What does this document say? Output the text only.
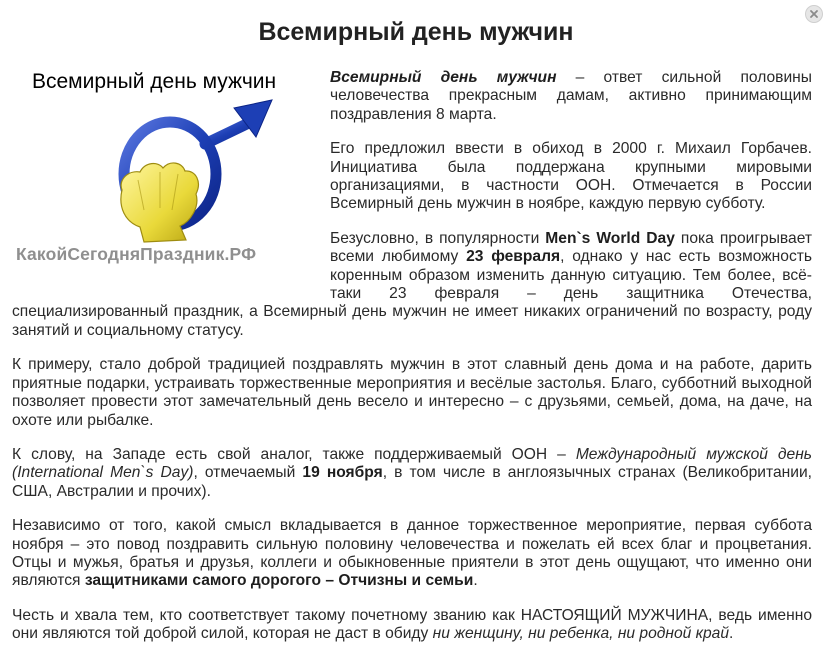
Всемирный день мужчин
Всемирный день мужчин
КакойСегодняПраздник.РФ

Всемирный день мужчин – ответ сильной половины человечества прекрасным дамам, активно принимающим поздравления 8 марта.

Его предложил ввести в обиход в 2000 г. Михаил Горбачев. Инициатива была поддержана крупными мировыми организациями, в частности ООН. Отмечается в России Всемирный день мужчин в ноябре, каждую первую субботу.

Безусловно, в популярности Men`s World Day пока проигрывает всеми любимому 23 февраля, однако у нас есть возможность коренным образом изменить данную ситуацию. Тем более, всё-таки 23 февраля – день защитника Отечества, специализированный праздник, а Всемирный день мужчин не имеет никаких ограничений по возрасту, роду занятий и социальному статусу.

К примеру, стало доброй традицией поздравлять мужчин в этот славный день дома и на работе, дарить приятные подарки, устраивать торжественные мероприятия и весёлые застолья. Благо, субботний выходной позволяет провести этот замечательный день весело и интересно – с друзьями, семьей, дома, на даче, на охоте или рыбалке.

К слову, на Западе есть свой аналог, также поддерживаемый ООН – Международный мужской день (International Men`s Day), отмечаемый 19 ноября, в том числе в англоязычных странах (Великобритании, США, Австралии и прочих).

Независимо от того, какой смысл вкладывается в данное торжественное мероприятие, первая суббота ноября – это повод поздравить сильную половину человечества и пожелать ей всех благ и процветания. Отцы и мужья, братья и друзья, коллеги и обыкновенные приятели в этот день ощущают, что именно они являются защитниками самого дорогого – Отчизны и семьи.

Честь и хвала тем, кто соответствует такому почетному званию как НАСТОЯЩИЙ МУЖЧИНА, ведь именно они являются той доброй силой, которая не даст в обиду ни женщину, ни ребенка, ни родной край.
